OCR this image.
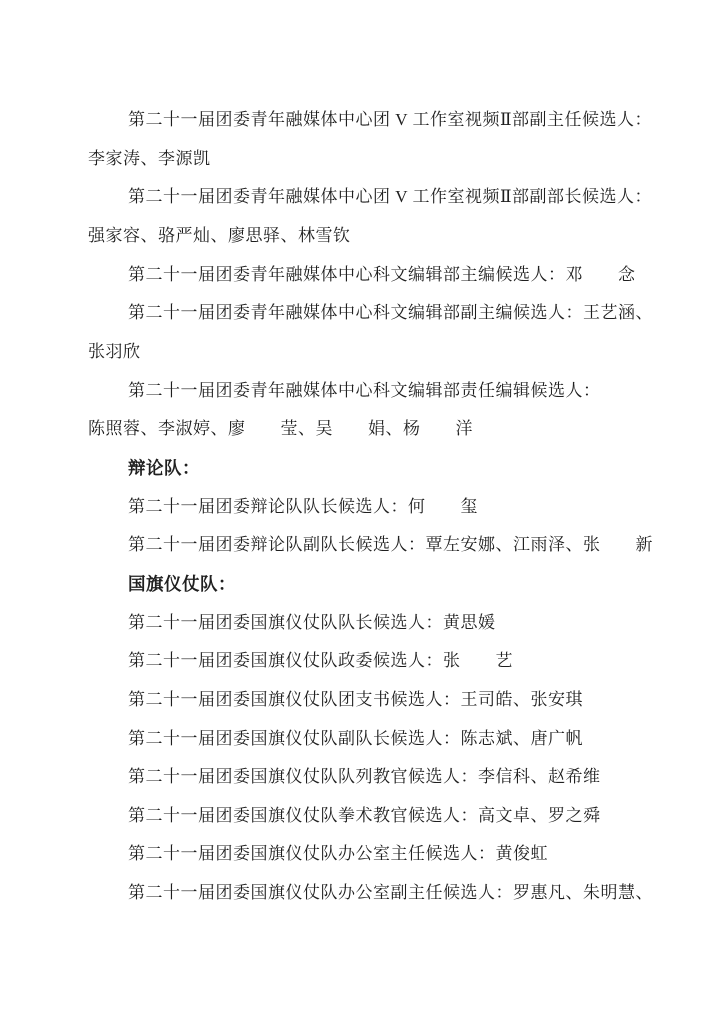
第二十一届团委青年融媒体中心团 V 工作室视频Ⅱ部副主任候选人：
李家涛、李源凯
第二十一届团委青年融媒体中心团 V 工作室视频Ⅱ部副部长候选人：
强家容、骆严灿、廖思驿、林雪钦
第二十一届团委青年融媒体中心科文编辑部主编候选人：邓　　念
第二十一届团委青年融媒体中心科文编辑部副主编候选人：王艺涵、
张羽欣
第二十一届团委青年融媒体中心科文编辑部责任编辑候选人：
陈照蓉、李淑婷、廖　　莹、吴　　娟、杨　　洋
辩论队：
第二十一届团委辩论队队长候选人：何　　玺
第二十一届团委辩论队副队长候选人：覃左安娜、江雨泽、张　　新
国旗仪仗队：
第二十一届团委国旗仪仗队队长候选人：黄思媛
第二十一届团委国旗仪仗队政委候选人：张　　艺
第二十一届团委国旗仪仗队团支书候选人：王司皓、张安琪
第二十一届团委国旗仪仗队副队长候选人：陈志斌、唐广帆
第二十一届团委国旗仪仗队队列教官候选人：李信科、赵希维
第二十一届团委国旗仪仗队拳术教官候选人：高文卓、罗之舜
第二十一届团委国旗仪仗队办公室主任候选人：黄俊虹
第二十一届团委国旗仪仗队办公室副主任候选人：罗惠凡、朱明慧、
